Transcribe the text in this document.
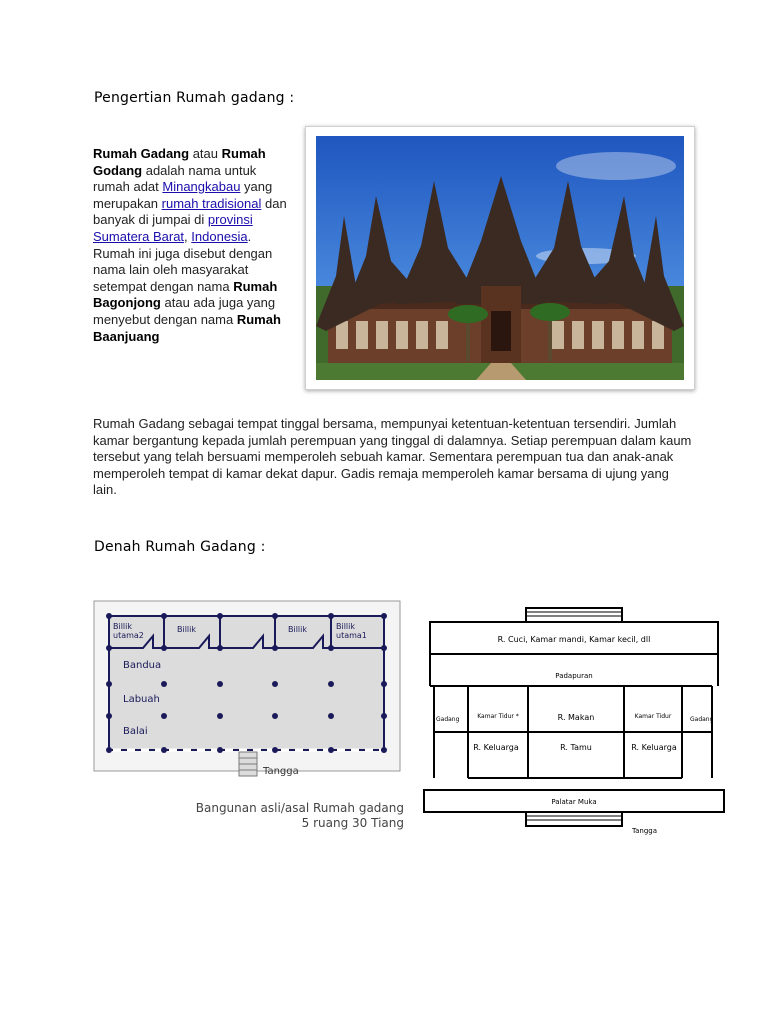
Pengertian Rumah gadang :
Rumah Gadang atau Rumah Godang adalah nama untuk rumah adat Minangkabau yang merupakan rumah tradisional dan banyak di jumpai di provinsi Sumatera Barat, Indonesia. Rumah ini juga disebut dengan nama lain oleh masyarakat setempat dengan nama Rumah Bagonjong atau ada juga yang menyebut dengan nama Rumah Baanjuang
Rumah Gadang sebagai tempat tinggal bersama, mempunyai ketentuan-ketentuan tersendiri. Jumlah kamar bergantung kepada jumlah perempuan yang tinggal di dalamnya. Setiap perempuan dalam kaum tersebut yang telah bersuami memperoleh sebuah kamar. Sementara perempuan tua dan anak-anak memperoleh tempat di kamar dekat dapur. Gadis remaja memperoleh kamar bersama di ujung yang lain.
Denah Rumah Gadang :
Billik
utama2
Billik	Billik	Billik
utama1
Bandua
Labuah
Balai
Tangga
Bangunan asli/asal Rumah gadang
5 ruang 30 Tiang
R. Cuci, Kamar mandi, Kamar kecil, dll
Padapuran
Gadang	Kamar Tidur *	R. Makan	Kamar Tidur	Gadang
R. Keluarga	R. Tamu	R. Keluarga
Palatar Muka
Tangga
